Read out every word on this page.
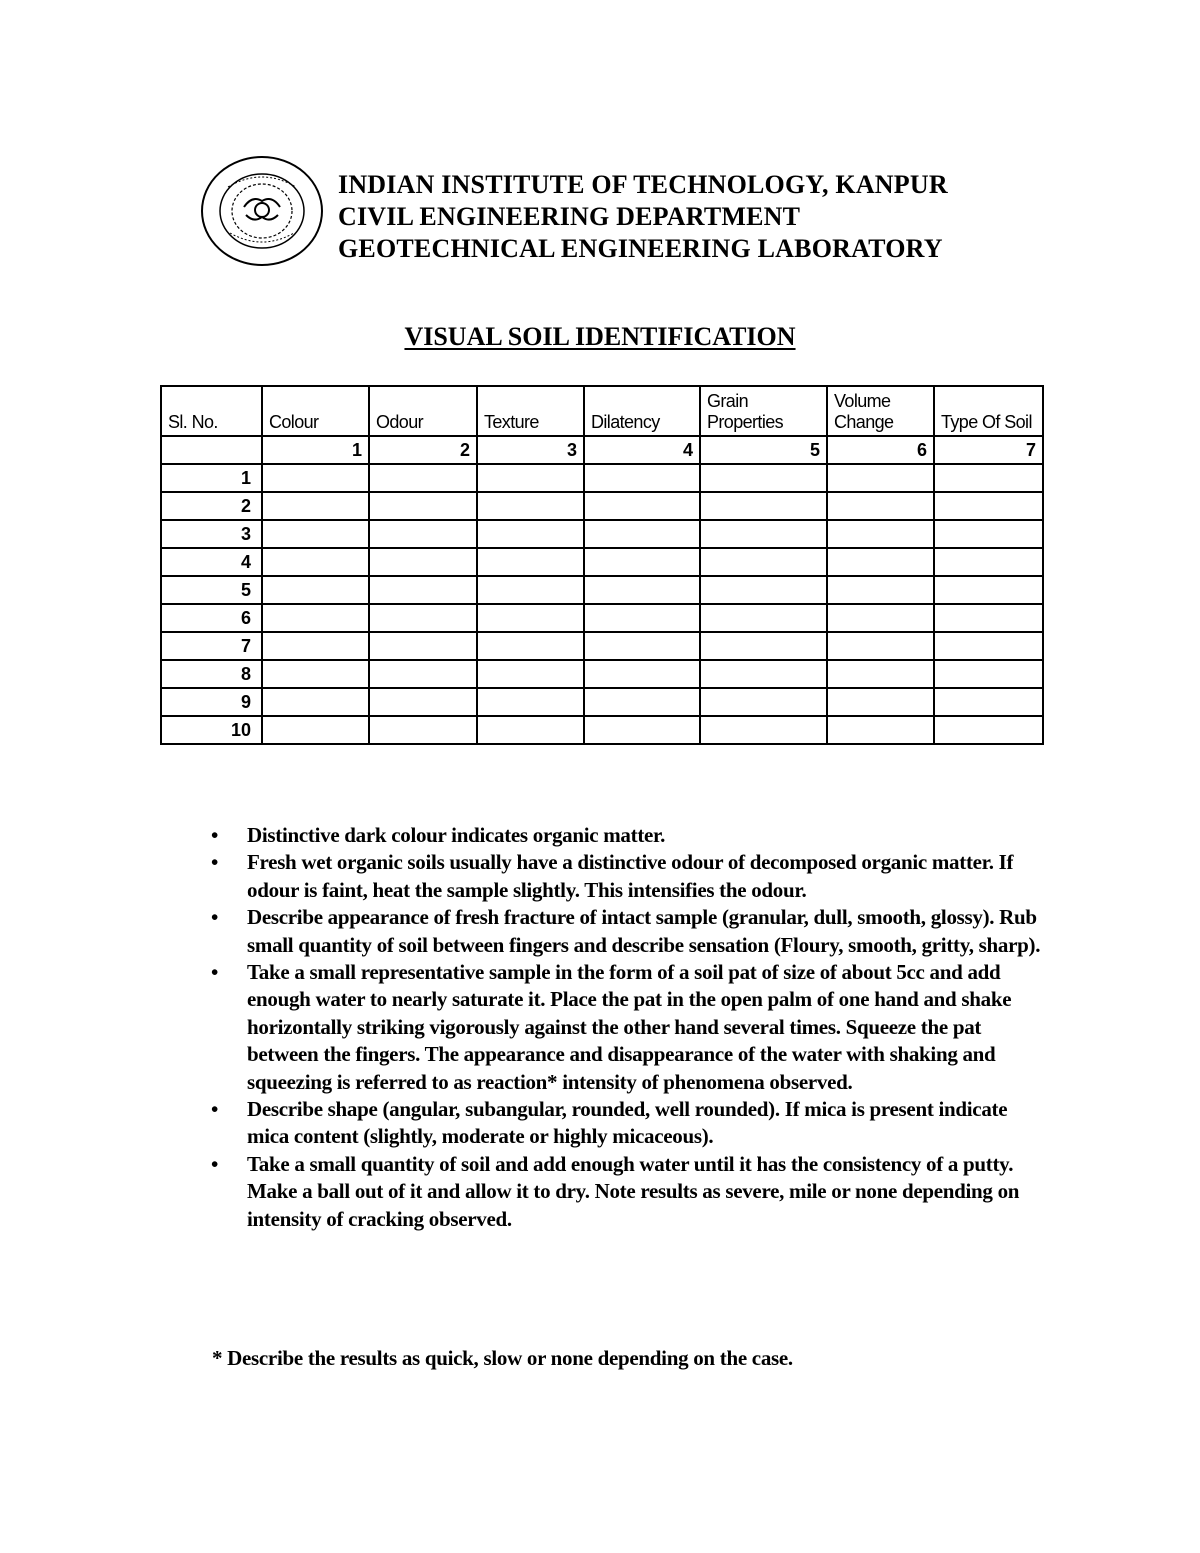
INDIAN INSTITUTE OF TECHNOLOGY, KANPUR
CIVIL ENGINEERING DEPARTMENT
GEOTECHNICAL ENGINEERING LABORATORY
VISUAL SOIL IDENTIFICATION
Sl. No.	Colour	Odour	Texture	Dilatency	Grain Properties	Volume Change	Type Of Soil
	1	2	3	4	5	6	7
1							
2							
3							
4							
5							
6							
7							
8							
9							
10							
• Distinctive dark colour indicates organic matter.
• Fresh wet organic soils usually have a distinctive odour of decomposed organic matter. If odour is faint, heat the sample slightly. This intensifies the odour.
• Describe appearance of fresh fracture of intact sample (granular, dull, smooth, glossy). Rub small quantity of soil between fingers and describe sensation (Floury, smooth, gritty, sharp).
• Take a small representative sample in the form of a soil pat of size of about 5cc and add enough water to nearly saturate it. Place the pat in the open palm of one hand and shake horizontally striking vigorously against the other hand several times. Squeeze the pat between the fingers. The appearance and disappearance of the water with shaking and squeezing is referred to as reaction* intensity of phenomena observed.
• Describe shape (angular, subangular, rounded, well rounded). If mica is present indicate mica content (slightly, moderate or highly micaceous).
• Take a small quantity of soil and add enough water until it has the consistency of a putty. Make a ball out of it and allow it to dry. Note results as severe, mile or none depending on intensity of cracking observed.
* Describe the results as quick, slow or none depending on the case.
